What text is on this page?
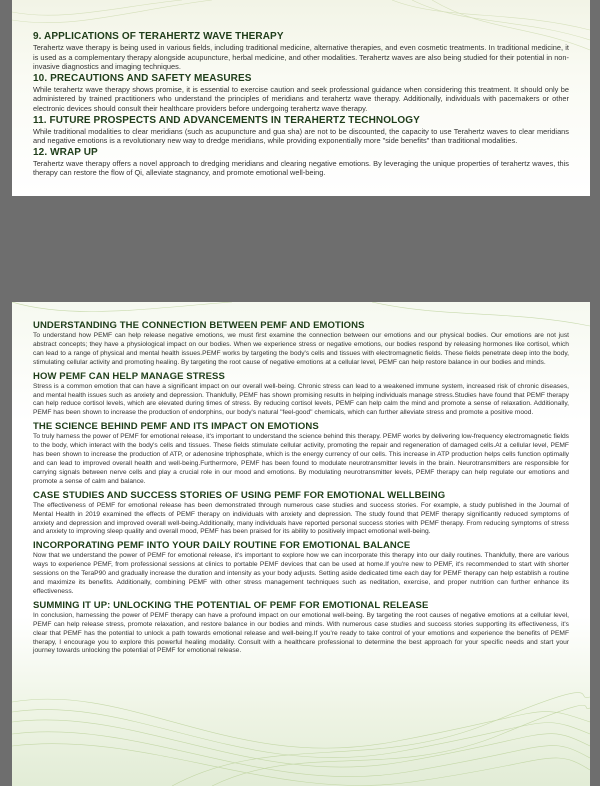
9. APPLICATIONS OF TERAHERTZ WAVE THERAPY

Terahertz wave therapy is being used in various fields, including traditional medicine, alternative therapies, and even cosmetic treatments. In traditional medicine, it is used as a complementary therapy alongside acupuncture, herbal medicine, and other modalities. Terahertz waves are also being studied for their potential in non-invasive diagnostics and imaging techniques.

10. PRECAUTIONS AND SAFETY MEASURES

While terahertz wave therapy shows promise, it is essential to exercise caution and seek professional guidance when considering this treatment. It should only be administered by trained practitioners who understand the principles of meridians and terahertz wave therapy. Additionally, individuals with pacemakers or other electronic devices should consult their healthcare providers before undergoing terahertz wave therapy.

11. FUTURE PROSPECTS AND ADVANCEMENTS IN TERAHERTZ TECHNOLOGY

While traditional modalities to clear meridians (such as acupuncture and gua sha) are not to be discounted, the capacity to use Terahertz waves to clear meridians and negative emotions is a revolutionary new way to dredge meridians, while providing exponentially more "side benefits" than traditional modalities.

12. WRAP UP

Terahertz wave therapy offers a novel approach to dredging meridians and clearing negative emotions. By leveraging the unique properties of terahertz waves, this therapy can restore the flow of Qi, alleviate stagnancy, and promote emotional well-being.

UNDERSTANDING THE CONNECTION BETWEEN PEMF AND EMOTIONS

To understand how PEMF can help release negative emotions, we must first examine the connection between our emotions and our physical bodies. Our emotions are not just abstract concepts; they have a physiological impact on our bodies. When we experience stress or negative emotions, our bodies respond by releasing hormones like cortisol, which can lead to a range of physical and mental health issues.PEMF works by targeting the body's cells and tissues with electromagnetic fields. These fields penetrate deep into the body, stimulating cellular activity and promoting healing. By targeting the root cause of negative emotions at a cellular level, PEMF can help restore balance in our bodies and minds.

HOW PEMF CAN HELP MANAGE STRESS

Stress is a common emotion that can have a significant impact on our overall well-being. Chronic stress can lead to a weakened immune system, increased risk of chronic diseases, and mental health issues such as anxiety and depression. Thankfully, PEMF has shown promising results in helping individuals manage stress.Studies have found that PEMF therapy can help reduce cortisol levels, which are elevated during times of stress. By reducing cortisol levels, PEMF can help calm the mind and promote a sense of relaxation. Additionally, PEMF has been shown to increase the production of endorphins, our body's natural "feel-good" chemicals, which can further alleviate stress and promote a positive mood.

THE SCIENCE BEHIND PEMF AND ITS IMPACT ON EMOTIONS

To truly harness the power of PEMF for emotional release, it's important to understand the science behind this therapy. PEMF works by delivering low-frequency electromagnetic fields to the body, which interact with the body's cells and tissues. These fields stimulate cellular activity, promoting the repair and regeneration of damaged cells.At a cellular level, PEMF has been shown to increase the production of ATP, or adenosine triphosphate, which is the energy currency of our cells. This increase in ATP production helps cells function optimally and can lead to improved overall health and well-being.Furthermore, PEMF has been found to modulate neurotransmitter levels in the brain. Neurotransmitters are responsible for carrying signals between nerve cells and play a crucial role in our mood and emotions. By modulating neurotransmitter levels, PEMF therapy can help regulate our emotions and promote a sense of calm and balance.

CASE STUDIES AND SUCCESS STORIES OF USING PEMF FOR EMOTIONAL WELLBEING

The effectiveness of PEMF for emotional release has been demonstrated through numerous case studies and success stories. For example, a study published in the Journal of Mental Health in 2019 examined the effects of PEMF therapy on individuals with anxiety and depression. The study found that PEMF therapy significantly reduced symptoms of anxiety and depression and improved overall well-being.Additionally, many individuals have reported personal success stories with PEMF therapy. From reducing symptoms of stress and anxiety to improving sleep quality and overall mood, PEMF has been praised for its ability to positively impact emotional well-being.

INCORPORATING PEMF INTO YOUR DAILY ROUTINE FOR EMOTIONAL BALANCE

Now that we understand the power of PEMF for emotional release, it's important to explore how we can incorporate this therapy into our daily routines. Thankfully, there are various ways to experience PEMF, from professional sessions at clinics to portable PEMF devices that can be used at home.If you're new to PEMF, it's recommended to start with shorter sessions on the TeraP90 and gradually increase the duration and intensity as your body adjusts. Setting aside dedicated time each day for PEMF therapy can help establish a routine and maximize its benefits. Additionally, combining PEMF with other stress management techniques such as neditation, exercise, and proper nutrition can further enhance its effectiveness.

SUMMING IT UP: UNLOCKING THE POTENTIAL OF PEMF FOR EMOTIONAL RELEASE

In conclusion, harnessing the power of PEMF therapy can have a profound impact on our emotional well-being. By targeting the root causes of negative emotions at a cellular level, PEMF can help release stress, promote relaxation, and restore balance in our bodies and minds. With numerous case studies and success stories supporting its effectiveness, it's clear that PEMF has the potential to unlock a path towards emotional release and well-being.If you're ready to take control of your emotions and experience the benefits of PEMF therapy, I encourage you to explore this powerful healing modality. Consult with a healthcare professional to determine the best approach for your specific needs and start your journey towards unlocking the potential of PEMF for emotional release.
